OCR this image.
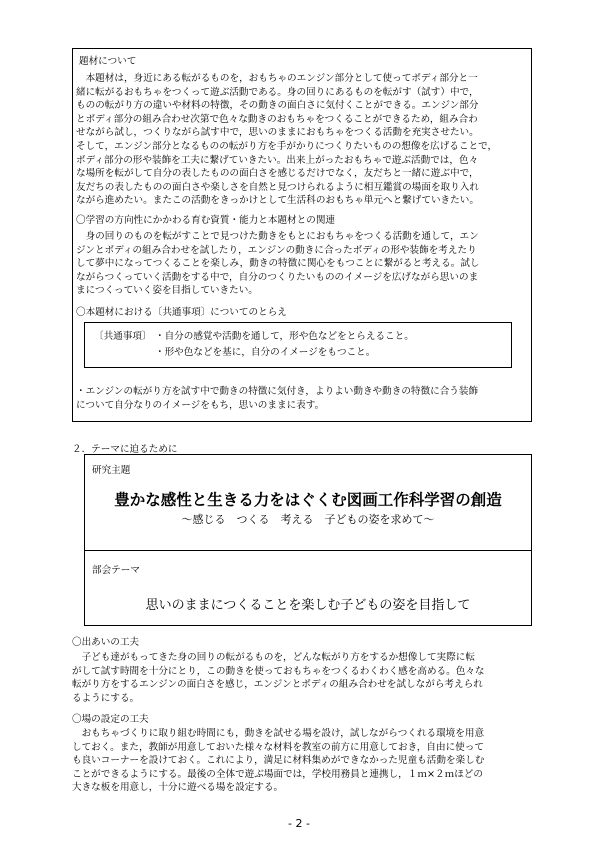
題材について

　本題材は，身近にある転がるものを，おもちゃのエンジン部分として使ってボディ部分と一

緒に転がるおもちゃをつくって遊ぶ活動である。身の回りにあるものを転がす（試す）中で，

ものの転がり方の違いや材料の特徴，その動きの面白さに気付くことができる。エンジン部分

とボディ部分の組み合わせ次第で色々な動きのおもちゃをつくることができるため，組み合わ

せながら試し，つくりながら試す中で，思いのままにおもちゃをつくる活動を充実させたい。

そして，エンジン部分となるものの転がり方を手がかりにつくりたいものの想像を広げることで，

ボディ部分の形や装飾を工夫に繋げていきたい。出来上がったおもちゃで遊ぶ活動では，色々

な場所を転がして自分の表したものの面白さを感じるだけでなく，友だちと一緒に遊ぶ中で，

友だちの表したものの面白さや楽しさを自然と見つけられるように相互鑑賞の場面を取り入れ

ながら進めたい。またこの活動をきっかけとして生活科のおもちゃ単元へと繋げていきたい。

〇学習の方向性にかかわる育む資質・能力と本題材との関連

　身の回りのものを転がすことで見つけた動きをもとにおもちゃをつくる活動を通して，エン

ジンとボディの組み合わせを試したり，エンジンの動きに合ったボディの形や装飾を考えたり

して夢中になってつくることを楽しみ，動きの特徴に関心をもつことに繋がると考える。試し

ながらつくっていく活動をする中で，自分のつくりたいもののイメージを広げながら思いのま

まにつくっていく姿を目指していきたい。

〇本題材における〔共通事項〕についてのとらえ
〔共通事項〕 ・自分の感覚や活動を通して，形や色などをとらえること。
・形や色などを基に，自分のイメージをもつこと。

・エンジンの転がり方を試す中で動きの特徴に気付き，よりよい動きや動きの特徴に合う装飾

について自分なりのイメージをもち，思いのままに表す。

２．テーマに迫るために
研究主題
豊かな感性と生きる力をはぐくむ図画工作科学習の創造
～感じる　つくる　考える　子どもの姿を求めて～
部会テーマ
思いのままにつくることを楽しむ子どもの姿を目指して
〇出あいの工夫

　子ども達がもってきた身の回りの転がるものを，どんな転がり方をするか想像して実際に転

がして試す時間を十分にとり，この動きを使っておもちゃをつくるわくわく感を高める。色々な

転がり方をするエンジンの面白さを感じ，エンジンとボディの組み合わせを試しながら考えられ

るようにする。

〇場の設定の工夫

　おもちゃづくりに取り組む時間にも，動きを試せる場を設け，試しながらつくれる環境を用意

しておく。また，教師が用意しておいた様々な材料を教室の前方に用意しておき，自由に使って

も良いコーナーを設けておく。これにより，満足に材料集めができなかった児童も活動を楽しむ

ことができるようにする。最後の全体で遊ぶ場面では，学校用務員と連携し，１ｍ×２ｍほどの

大きな板を用意し，十分に遊べる場を設定する。

- 2 -
